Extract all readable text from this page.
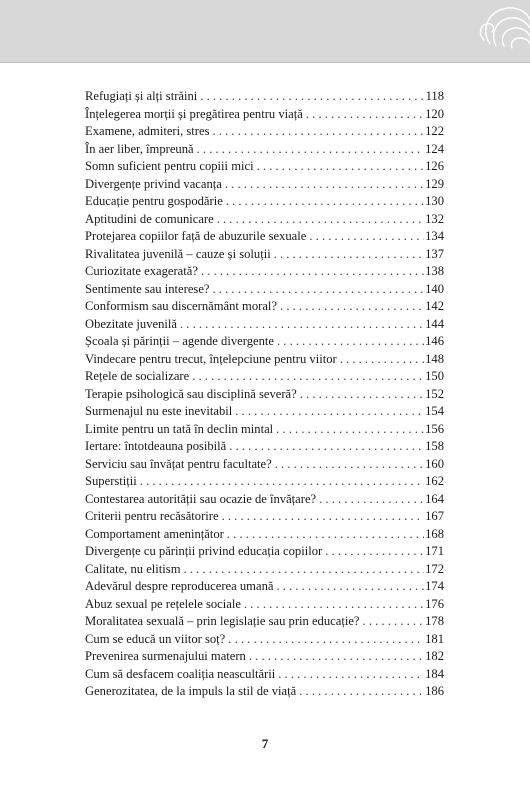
Refugiați și alți străini . . .	118
Înțelegerea morții și pregătirea pentru viață . . .	120
Examene, admiteri, stres . . .	122
În aer liber, împreună . . .	124
Somn suficient pentru copiii mici . . .	126
Divergențe privind vacanța . . .	129
Educație pentru gospodărie . . .	130
Aptitudini de comunicare . . .	132
Protejarea copiilor față de abuzurile sexuale . . .	134
Rivalitatea juvenilă – cauze și soluții . . .	137
Curiozitate exagerată? . . .	138
Sentimente sau interese? . . .	140
Conformism sau discernământ moral? . . .	142
Obezitate juvenilă . . .	144
Școala și părinții – agende divergente . . .	146
Vindecare pentru trecut, înțelepciune pentru viitor . . .	148
Rețele de socializare . . .	150
Terapie psihologică sau disciplină severă? . . .	152
Surmenajul nu este inevitabil . . .	154
Limite pentru un tată în declin mintal . . .	156
Iertare: întotdeauna posibilă . . .	158
Serviciu sau învățat pentru facultate? . . .	160
Superstiții . . .	162
Contestarea autorității sau ocazie de învățare? . . .	164
Criterii pentru recăsătorire . . .	167
Comportament amenințător . . .	168
Divergențe cu părinții privind educația copiilor . . .	171
Calitate, nu elitism . . .	172
Adevărul despre reproducerea umană . . .	174
Abuz sexual pe rețelele sociale . . .	176
Moralitatea sexuală – prin legislație sau prin educație? . . .	178
Cum se educă un viitor soț? . . .	181
Prevenirea surmenajului matern . . .	182
Cum să desfacem coaliția neascultării . . .	184
Generozitatea, de la impuls la stil de viață . . .	186
7
